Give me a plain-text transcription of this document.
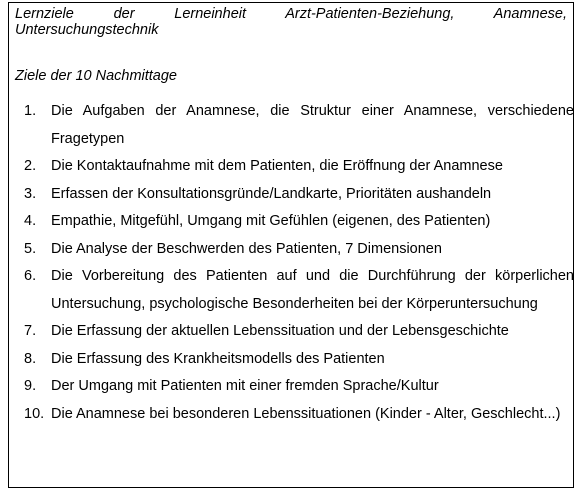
Lernziele der Lerneinheit Arzt-Patienten-Beziehung, Anamnese,
Untersuchungstechnik

Ziele der 10 Nachmittage

1.	Die Aufgaben der Anamnese, die Struktur einer Anamnese, verschiedene Fragetypen
2.	Die Kontaktaufnahme mit dem Patienten, die Eröffnung der Anamnese
3.	Erfassen der Konsultationsgründe/Landkarte, Prioritäten aushandeln
4.	Empathie, Mitgefühl, Umgang mit Gefühlen (eigenen, des Patienten)
5.	Die Analyse der Beschwerden des Patienten, 7 Dimensionen
6.	Die Vorbereitung des Patienten auf und die Durchführung der körperlichen Untersuchung, psychologische Besonderheiten bei der Körperuntersuchung
7.	Die Erfassung der aktuellen Lebenssituation und der Lebensgeschichte
8.	Die Erfassung des Krankheitsmodells des Patienten
9.	Der Umgang mit Patienten mit einer fremden Sprache/Kultur
10. Die Anamnese bei besonderen Lebenssituationen (Kinder - Alter, Geschlecht...)
